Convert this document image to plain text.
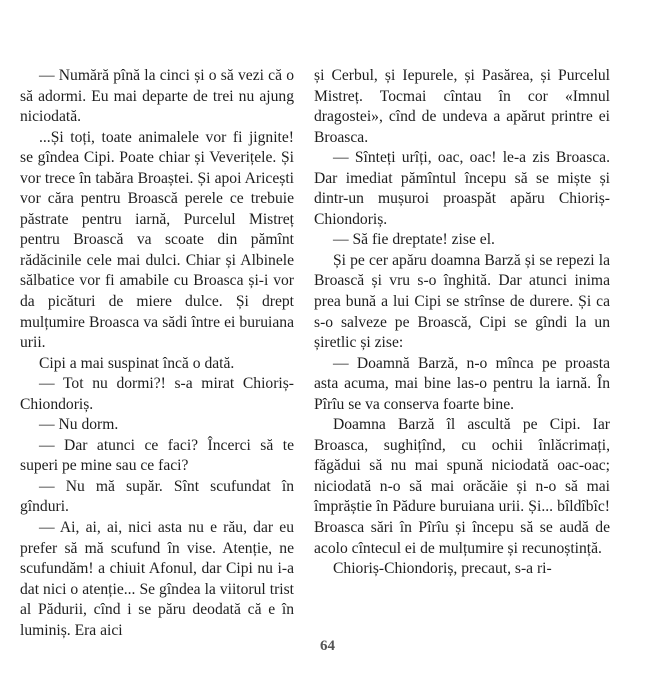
— Numără pînă la cinci și o să vezi că o să adormi. Eu mai departe de trei nu ajung niciodată.

...Și toți, toate animalele vor fi jignite! se gîndea Cipi. Poate chiar și Veverițele. Și vor trece în tabăra Broaștei. Și apoi Aricești vor căra pentru Broască perele ce trebuie păstrate pentru iarnă, Purcelul Mistreț pentru Broască va scoate din pămînt rădăcinile cele mai dulci. Chiar și Albinele sălbatice vor fi amabile cu Broasca și-i vor da picături de miere dulce. Și drept mulțumire Broasca va sădi între ei buruiana urii.

Cipi a mai suspinat încă o dată.

— Tot nu dormi?! s-a mirat Chioriș-Chiondoriș.

— Nu dorm.

— Dar atunci ce faci? Încerci să te superi pe mine sau ce faci?

— Nu mă supăr. Sînt scufundat în gînduri.

— Ai, ai, ai, nici asta nu e rău, dar eu prefer să mă scufund în vise. Atenție, ne scufundăm! a chiuit Afonul, dar Cipi nu i-a dat nici o atenție... Se gîndea la viitorul trist al Pădurii, cînd i se păru deodată că e în luminiș. Era aici

și Cerbul, și Iepurele, și Pasărea, și Purcelul Mistreț. Tocmai cîntau în cor «Imnul dragostei», cînd de undeva a apărut printre ei Broasca.

— Sînteți urîți, oac, oac! le-a zis Broasca. Dar imediat pămîntul începu să se miște și dintr-un mușuroi proaspăt apăru Chioriș-Chiondoriș.

— Să fie dreptate! zise el.

Și pe cer apăru doamna Barză și se repezi la Broască și vru s-o înghită. Dar atunci inima prea bună a lui Cipi se strînse de durere. Și ca s-o salveze pe Broască, Cipi se gîndi la un șiretlic și zise:

— Doamnă Barză, n-o mînca pe proasta asta acuma, mai bine las-o pentru la iarnă. În Pîrîu se va conserva foarte bine.

Doamna Barză îl ascultă pe Cipi. Iar Broasca, sughițînd, cu ochii înlăcrimați, făgădui să nu mai spună niciodată oac-oac; niciodată n-o să mai orăcăie și n-o să mai împrăștie în Pădure buruiana urii. Și... bîldîbîc! Broasca sări în Pîrîu și începu să se audă de acolo cîntecul ei de mulțumire și recunoștință.

Chioriș-Chiondoriș, precaut, s-a ri-

64
